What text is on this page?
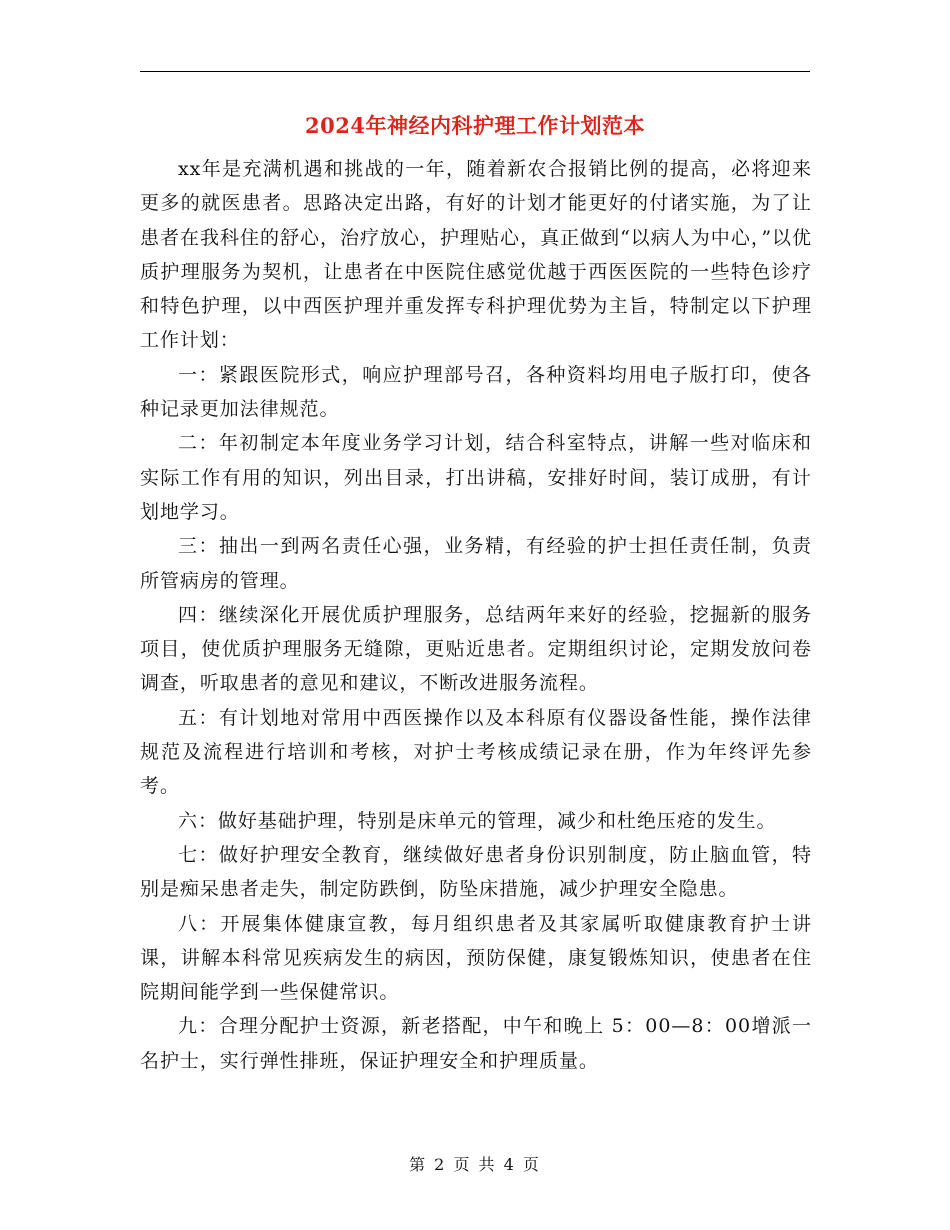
2024年神经内科护理工作计划范本

xx年是充满机遇和挑战的一年，随着新农合报销比例的提高，必将迎来更多的就医患者。思路决定出路，有好的计划才能更好的付诸实施，为了让患者在我科住的舒心，治疗放心，护理贴心，真正做到“以病人为中心，”以优质护理服务为契机，让患者在中医院住感觉优越于西医医院的一些特色诊疗和特色护理，以中西医护理并重发挥专科护理优势为主旨，特制定以下护理工作计划：

一：紧跟医院形式，响应护理部号召，各种资料均用电子版打印，使各种记录更加法律规范。

二：年初制定本年度业务学习计划，结合科室特点，讲解一些对临床和实际工作有用的知识，列出目录，打出讲稿，安排好时间，装订成册，有计划地学习。

三：抽出一到两名责任心强，业务精，有经验的护士担任责任制，负责所管病房的管理。

四：继续深化开展优质护理服务，总结两年来好的经验，挖掘新的服务项目，使优质护理服务无缝隙，更贴近患者。定期组织讨论，定期发放问卷调查，听取患者的意见和建议，不断改进服务流程。

五：有计划地对常用中西医操作以及本科原有仪器设备性能，操作法律规范及流程进行培训和考核，对护士考核成绩记录在册，作为年终评先参考。

六：做好基础护理，特别是床单元的管理，减少和杜绝压疮的发生。

七：做好护理安全教育，继续做好患者身份识别制度，防止脑血管，特别是痴呆患者走失，制定防跌倒，防坠床措施，减少护理安全隐患。

八：开展集体健康宣教，每月组织患者及其家属听取健康教育护士讲课，讲解本科常见疾病发生的病因，预防保健，康复锻炼知识，使患者在住院期间能学到一些保健常识。

九：合理分配护士资源，新老搭配，中午和晚上 5：00—8：00增派一名护士，实行弹性排班，保证护理安全和护理质量。

第 2 页 共 4 页
